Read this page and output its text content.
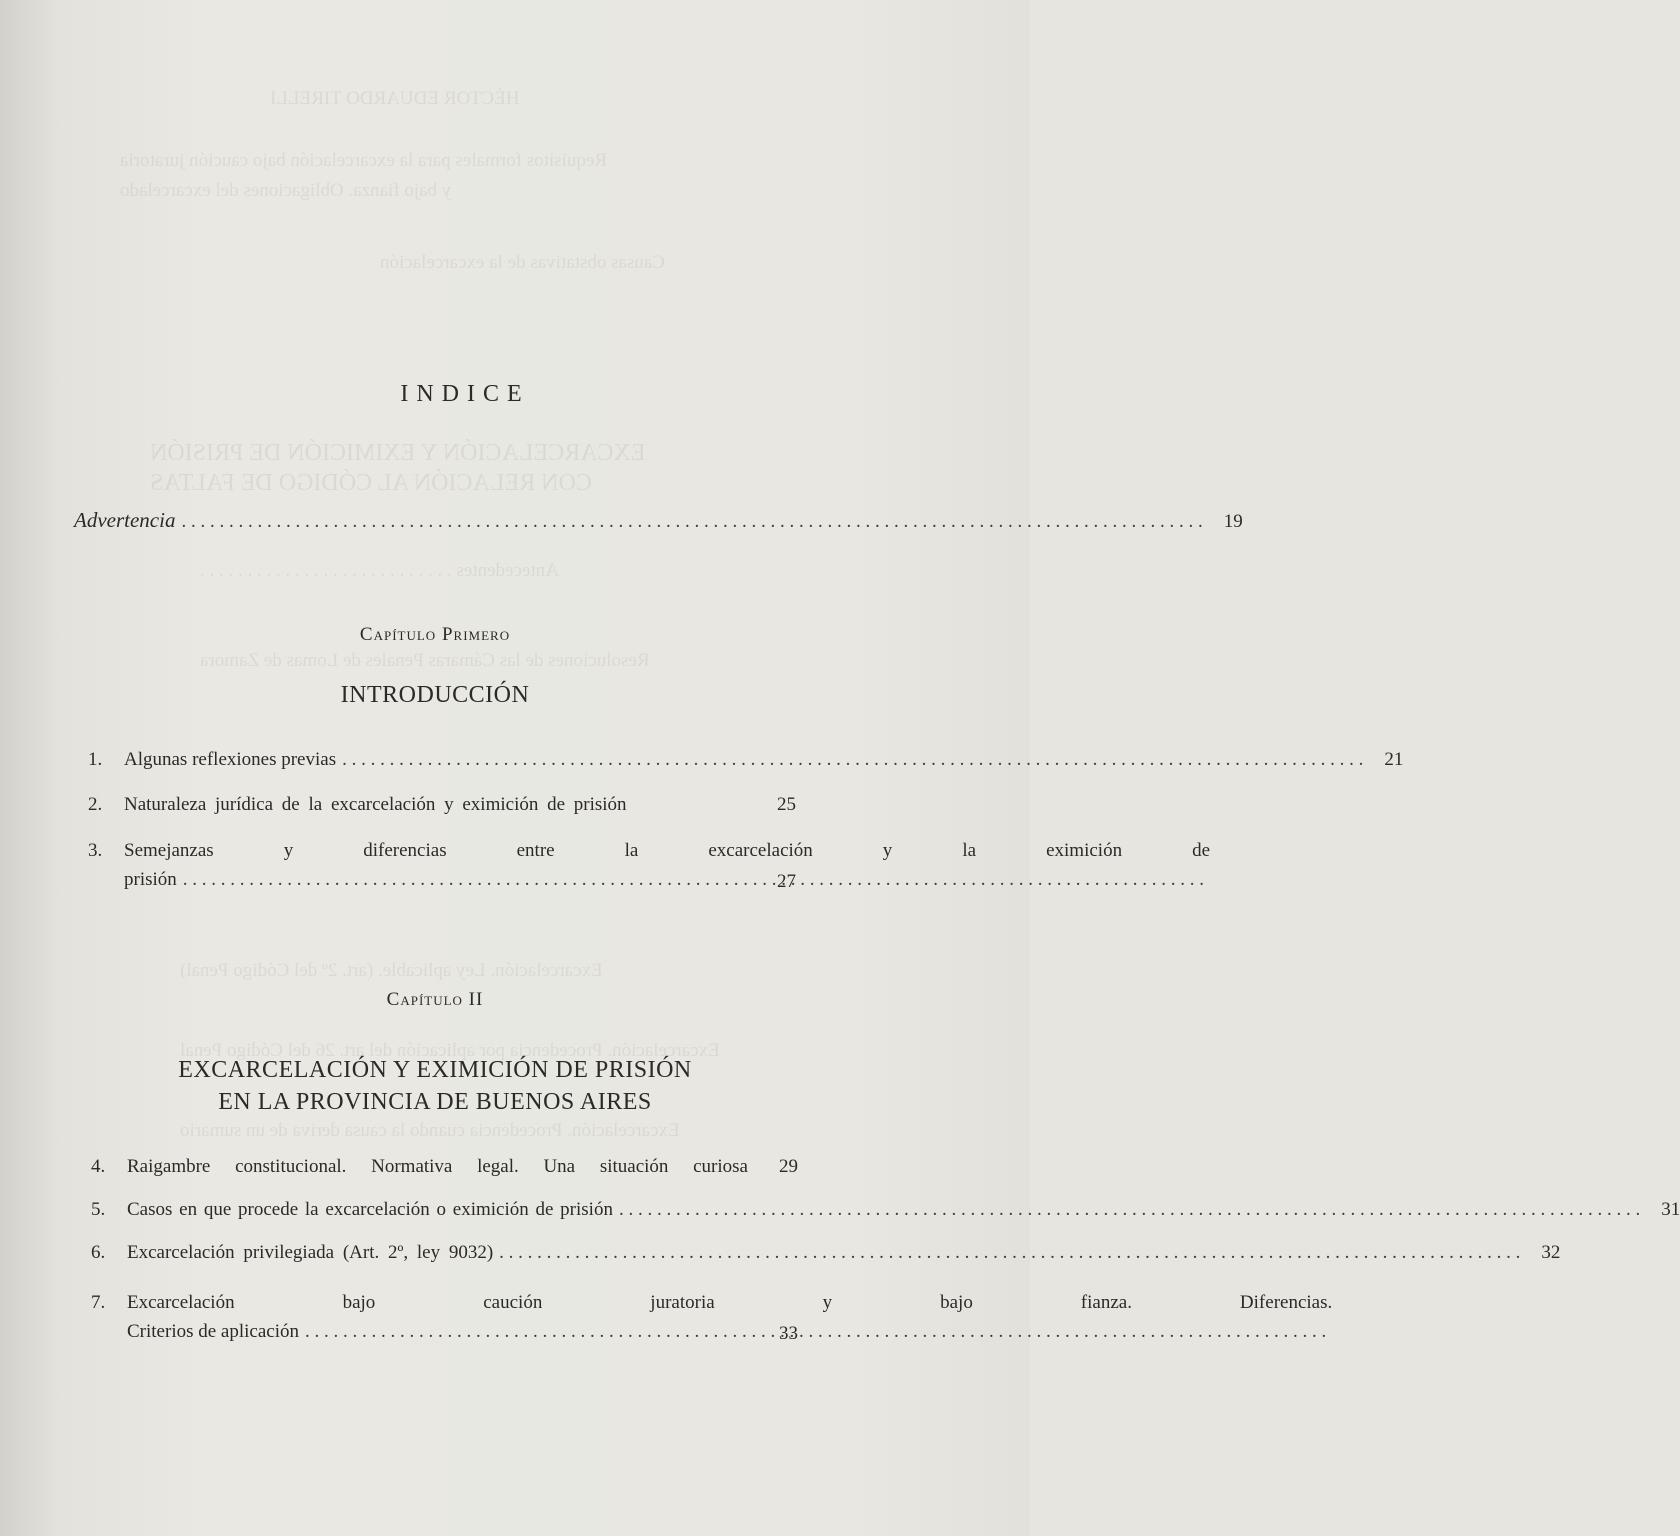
HÉCTOR EDUARDO TIRELLI
Requisitos formales para la excarcelación bajo caución juratoria
y bajo fianza. Obligaciones del excarcelado
Causas obstativas de la excarcelación
EXCARCELACIÓN Y EXIMICIÓN DE PRISIÓN
CON RELACIÓN AL CÓDIGO DE FALTAS
Antecedentes . . . . . . . . . . . . . . . . . . . . . . . . . . .
Resoluciones de las Cámaras Penales de Lomas de Zamora
Excarcelación. Ley aplicable. (art. 2º del Código Penal)
Excarcelación. Procedencia por aplicación del art. 26 del Código Penal
Excarcelación. Procedencia cuando la causa deriva de un sumario
INDICE
Advertencia . . .	19
Capítulo Primero
INTRODUCCIÓN
1.	Algunas reflexiones previas . . .	21
2.	Naturaleza jurídica de la excarcelación y eximición de prisión	25
3.	Semejanzas y diferencias entre la excarcelación y la eximición de
prisión . . .	27
Capítulo II
EXCARCELACIÓN Y EXIMICIÓN DE PRISIÓN
EN LA PROVINCIA DE BUENOS AIRES
4.	Raigambre constitucional. Normativa legal. Una situación curiosa	29
5.	Casos en que procede la excarcelación o eximición de prisión . . .	31
6.	Excarcelación privilegiada (Art. 2º, ley 9032) . . .	32
7.	Excarcelación bajo caución juratoria y bajo fianza. Diferencias.
Criterios de aplicación . . .	33
